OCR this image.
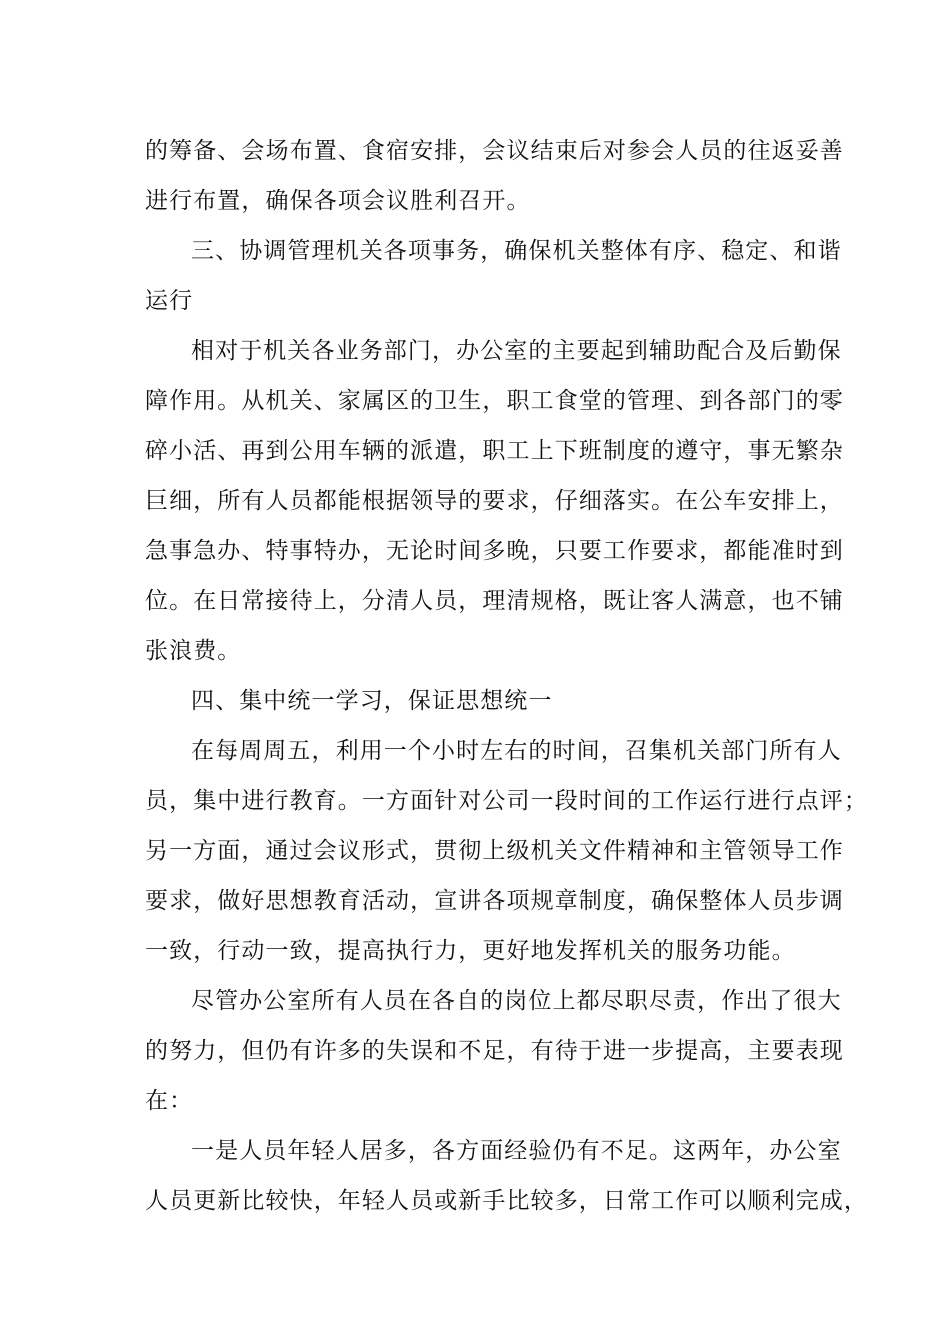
的筹备、会场布置、食宿安排，会议结束后对参会人员的往返妥善
进行布置，确保各项会议胜利召开。
三、协调管理机关各项事务，确保机关整体有序、稳定、和谐
运行
相对于机关各业务部门，办公室的主要起到辅助配合及后勤保
障作用。从机关、家属区的卫生，职工食堂的管理、到各部门的零
碎小活、再到公用车辆的派遣，职工上下班制度的遵守，事无繁杂
巨细，所有人员都能根据领导的要求，仔细落实。在公车安排上，
急事急办、特事特办，无论时间多晚，只要工作要求，都能准时到
位。在日常接待上，分清人员，理清规格，既让客人满意，也不铺
张浪费。
四、集中统一学习，保证思想统一
在每周周五，利用一个小时左右的时间，召集机关部门所有人
员，集中进行教育。一方面针对公司一段时间的工作运行进行点评；
另一方面，通过会议形式，贯彻上级机关文件精神和主管领导工作
要求，做好思想教育活动，宣讲各项规章制度，确保整体人员步调
一致，行动一致，提高执行力，更好地发挥机关的服务功能。
尽管办公室所有人员在各自的岗位上都尽职尽责，作出了很大
的努力，但仍有许多的失误和不足，有待于进一步提高，主要表现
在：
一是人员年轻人居多，各方面经验仍有不足。这两年，办公室
人员更新比较快，年轻人员或新手比较多，日常工作可以顺利完成，
